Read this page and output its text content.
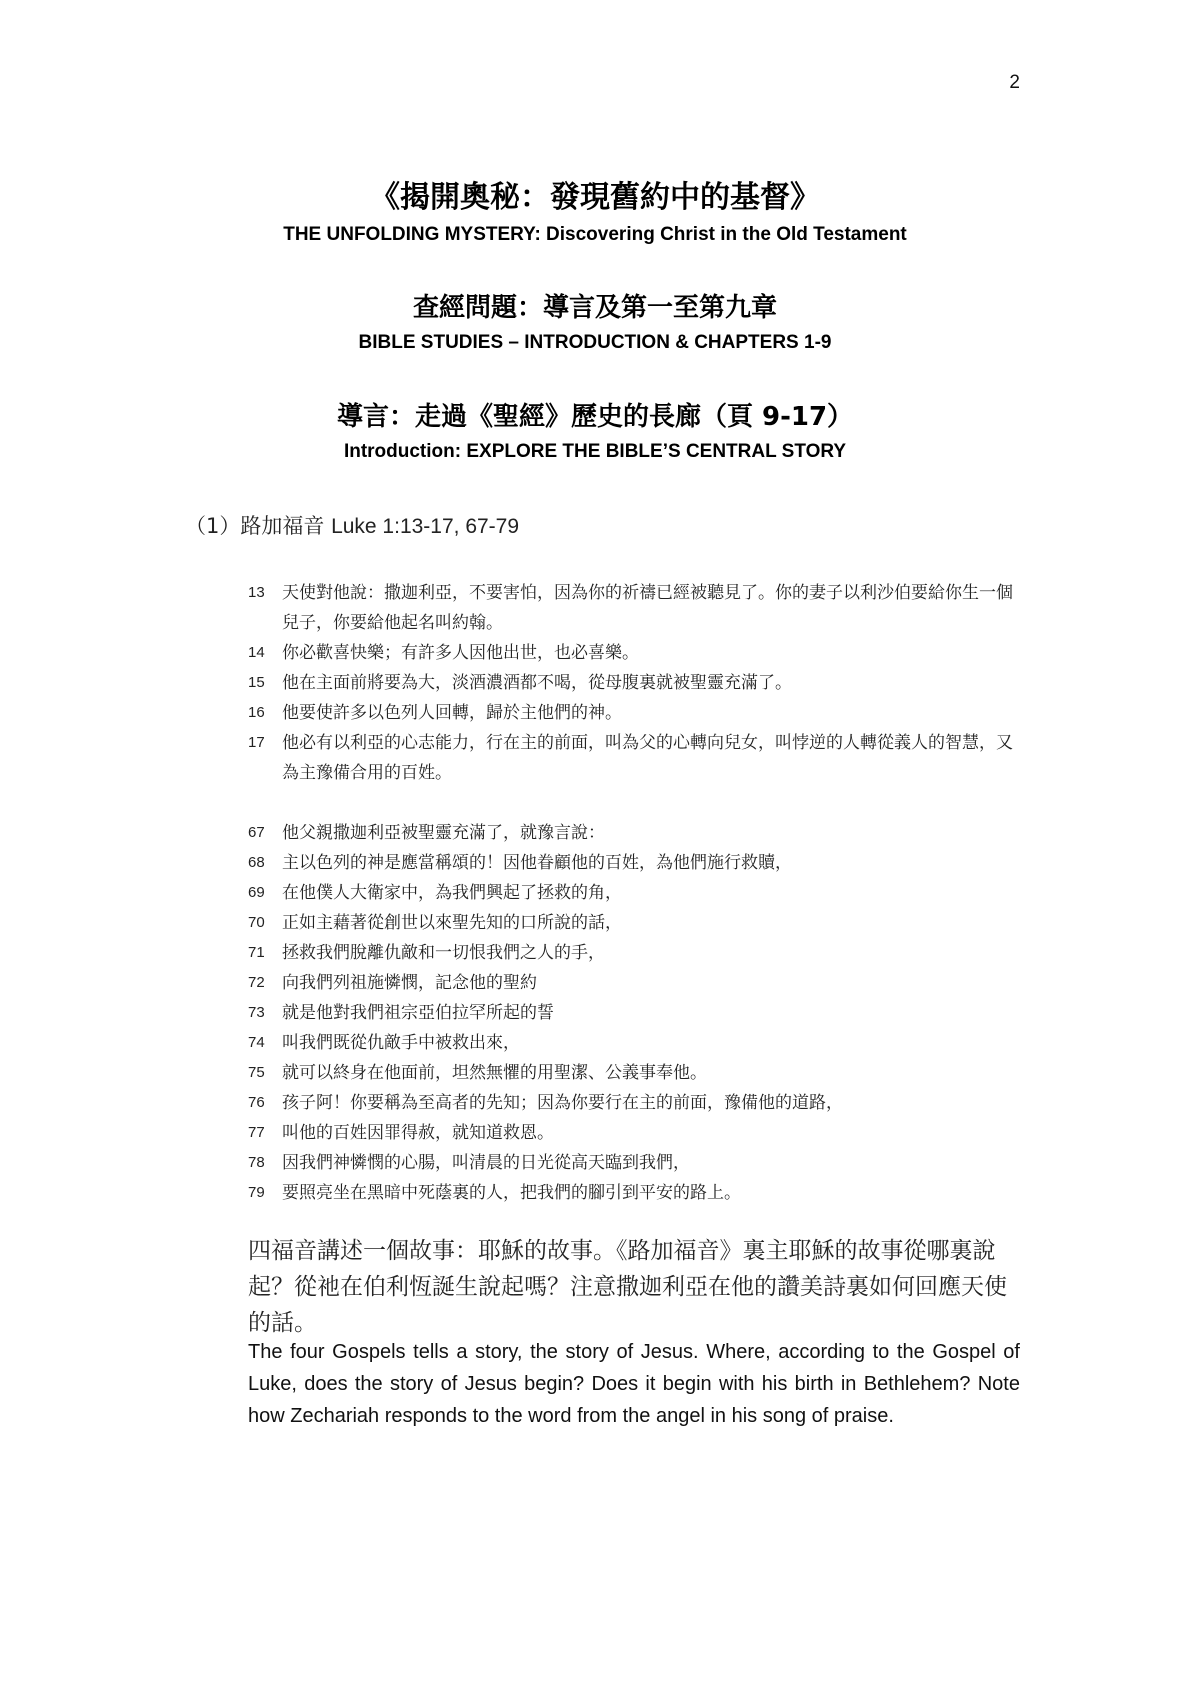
2
《揭開奧秘：發現舊約中的基督》
THE UNFOLDING MYSTERY: Discovering Christ in the Old Testament
查經問題：導言及第一至第九章
BIBLE STUDIES – INTRODUCTION & CHAPTERS 1-9
導言：走過《聖經》歷史的長廊（頁 9-17）
Introduction: EXPLORE THE BIBLE’S CENTRAL STORY
（1）路加福音 Luke 1:13-17, 67-79
13	天使對他說：撒迦利亞，不要害怕，因為你的祈禱已經被聽見了。你的妻子以利沙伯要給你生一個兒子，你要給他起名叫約翰。
14	你必歡喜快樂；有許多人因他出世，也必喜樂。
15	他在主面前將要為大，淡酒濃酒都不喝，從母腹裏就被聖靈充滿了。
16	他要使許多以色列人回轉，歸於主他們的神。
17	他必有以利亞的心志能力，行在主的前面，叫為父的心轉向兒女，叫悖逆的人轉從義人的智慧，又為主豫備合用的百姓。
67	他父親撒迦利亞被聖靈充滿了，就豫言說：
68	主以色列的神是應當稱頌的！因他眷顧他的百姓，為他們施行救贖，
69	在他僕人大衛家中，為我們興起了拯救的角，
70	正如主藉著從創世以來聖先知的口所說的話，
71	拯救我們脫離仇敵和一切恨我們之人的手，
72	向我們列祖施憐憫，記念他的聖約
73	就是他對我們祖宗亞伯拉罕所起的誓
74	叫我們既從仇敵手中被救出來，
75	就可以終身在他面前，坦然無懼的用聖潔、公義事奉他。
76	孩子阿！你要稱為至高者的先知；因為你要行在主的前面，豫備他的道路，
77	叫他的百姓因罪得赦，就知道救恩。
78	因我們神憐憫的心腸，叫清晨的日光從高天臨到我們，
79	要照亮坐在黑暗中死蔭裏的人，把我們的腳引到平安的路上。
四福音講述一個故事：耶穌的故事。《路加福音》裏主耶穌的故事從哪裏說起？從祂在伯利恆誕生說起嗎？注意撒迦利亞在他的讚美詩裏如何回應天使的話。
The four Gospels tells a story, the story of Jesus. Where, according to the Gospel of Luke, does the story of Jesus begin? Does it begin with his birth in Bethlehem? Note how Zechariah responds to the word from the angel in his song of praise.
